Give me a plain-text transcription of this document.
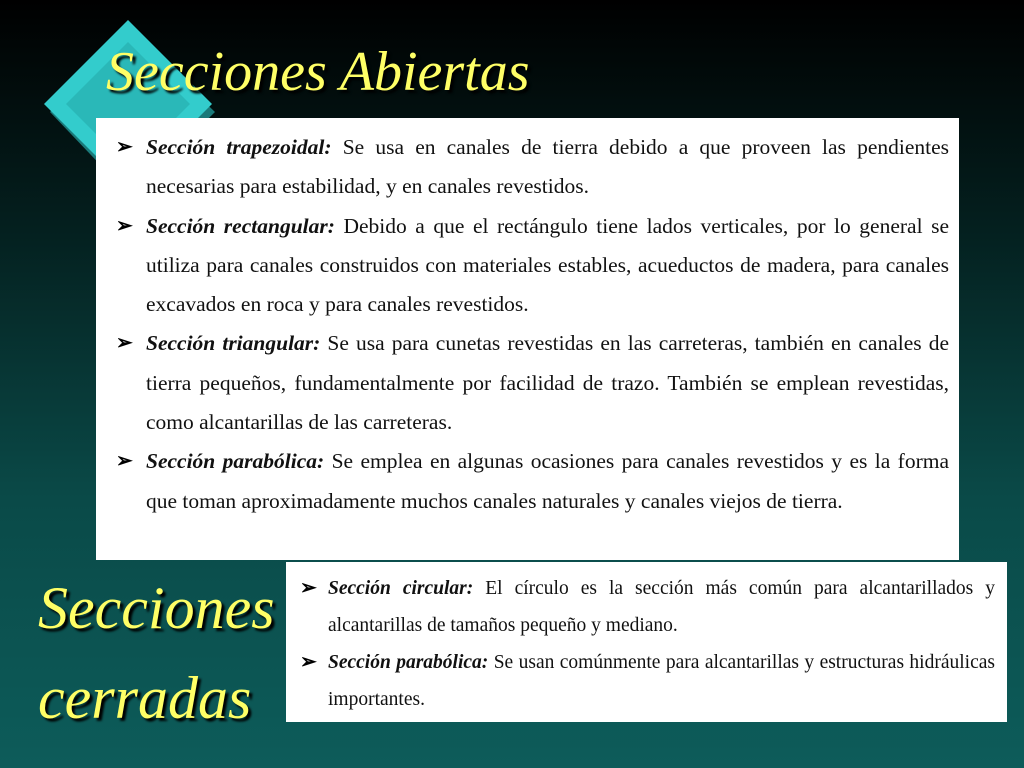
Secciones Abiertas
➢ Sección trapezoidal: Se usa en canales de tierra debido a que proveen las pendientes necesarias para estabilidad, y en canales revestidos.
➢ Sección rectangular: Debido a que el rectángulo tiene lados verticales, por lo general se utiliza para canales construidos con materiales estables, acueductos de madera, para canales excavados en roca y para canales revestidos.
➢ Sección triangular: Se usa para cunetas revestidas en las carreteras, también en canales de tierra pequeños, fundamentalmente por facilidad de trazo. También se emplean revestidas, como alcantarillas de las carreteras.
➢ Sección parabólica: Se emplea en algunas ocasiones para canales revestidos y es la forma que toman aproximadamente muchos canales naturales y canales viejos de tierra.
Secciones
cerradas
➢ Sección circular: El círculo es la sección más común para alcantarillados y alcantarillas de tamaños pequeño y mediano.
➢ Sección parabólica: Se usan comúnmente para alcantarillas y estructuras hidráulicas importantes.
